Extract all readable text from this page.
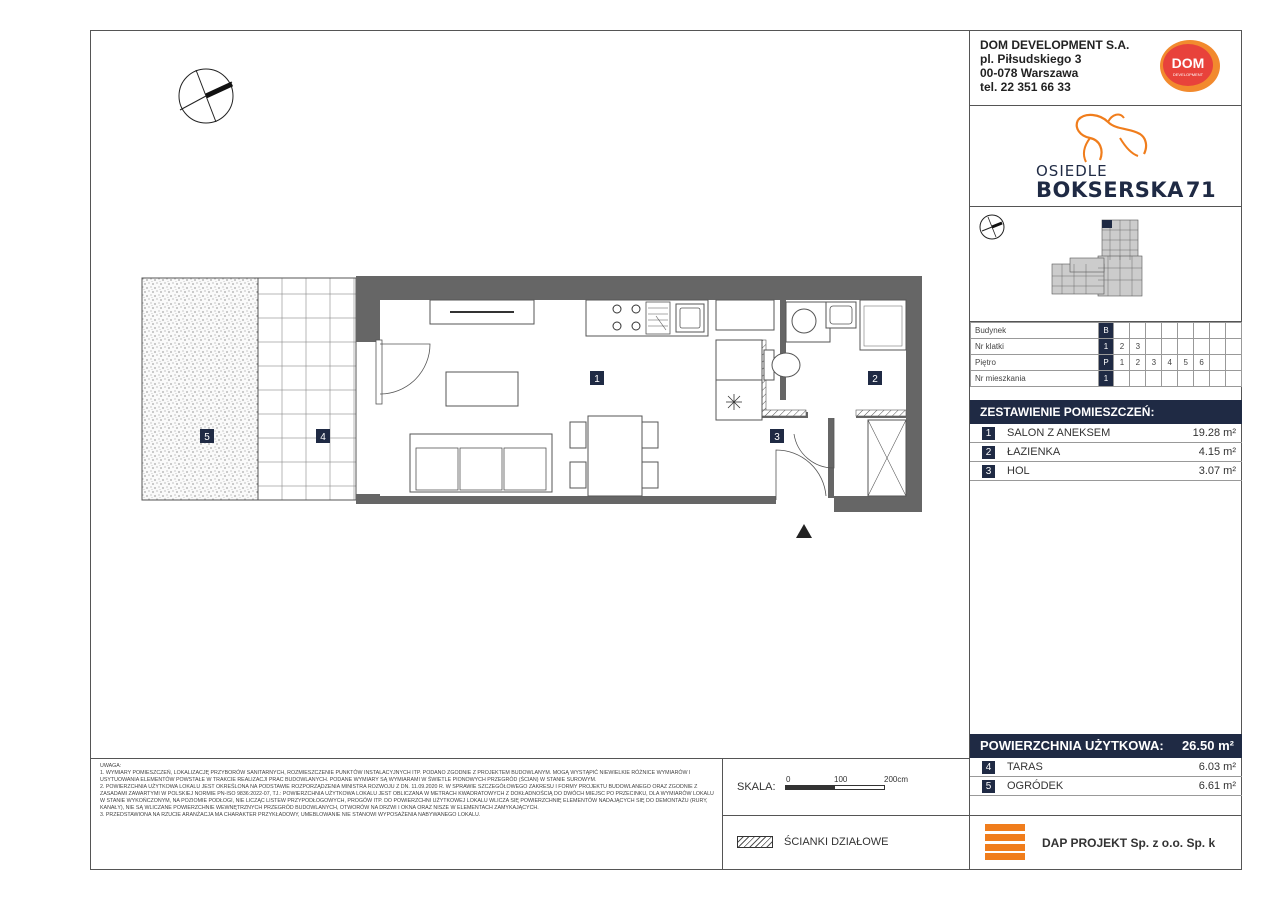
DOM DEVELOPMENT S.A.
pl. Piłsudskiego 3
00-078 Warszawa
tel. 22 351 66 33
DOM
DEVELOPMENT
OSIEDLE
BOKSERSKA71
Budynek	B								
Nr klatki	1	2	3						
Piętro	P	1	2	3	4	5	6		
Nr mieszkania	1								
ZESTAWIENIE POMIESZCZEŃ:
1	SALON Z ANEKSEM	19.28 m²
2	ŁAZIENKA	4.15 m²
3	HOL	3.07 m²
POWIERZCHNIA UŻYTKOWA: 26.50 m²
4	TARAS	6.03 m²
5	OGRÓDEK	6.61 m²

UWAGA:

1. WYMIARY POMIESZCZEŃ, LOKALIZACJĘ PRZYBORÓW SANITARNYCH, ROZMIESZCZENIE PUNKTÓW INSTALACYJNYCH ITP. PODANO ZGODNIE Z PROJEKTEM BUDOWLANYM. MOGĄ WYSTĄPIĆ NIEWIELKIE RÓŻNICE WYMIARÓW I USYTUOWANIA ELEMENTÓW POWSTAŁE W TRAKCIE REALIZACJI PRAC BUDOWLANYCH. PODANE WYMIARY SĄ WYMIARAMI W ŚWIETLE PIONOWYCH PRZEGRÓD (ŚCIAN) W STANIE SUROWYM.

2. POWIERZCHNIA UŻYTKOWA LOKALU JEST OKREŚLONA NA PODSTAWIE ROZPORZĄDZENIA MINISTRA ROZWOJU Z DN. 11.09.2020 R. W SPRAWIE SZCZEGÓŁOWEGO ZAKRESU I FORMY PROJEKTU BUDOWLANEGO ORAZ ZGODNIE Z ZASADAMI ZAWARTYMI W POLSKIEJ NORMIE PN-ISO 9836:2022-07, TJ.: POWIERZCHNIA UŻYTKOWA LOKALU JEST OBLICZANA W METRACH KWADRATOWYCH Z DOKŁADNOŚCIĄ DO DWÓCH MIEJSC PO PRZECINKU, DLA WYMIARÓW LOKALU W STANIE WYKOŃCZONYM, NA POZIOMIE PODŁOGI, NIE LICZĄC LISTEW PRZYPODŁOGOWYCH, PROGÓW ITP. DO POWIERZCHNI UŻYTKOWEJ LOKALU WLICZA SIĘ POWIERZCHNIĘ ELEMENTÓW NADAJĄCYCH SIĘ DO DEMONTAŻU (RURY, KANAŁY), NIE SĄ WLICZANE POWIERZCHNIE WEWNĘTRZNYCH PRZEGRÓD BUDOWLANYCH, OTWORÓW NA DRZWI I OKNA ORAZ NISZE W ELEMENTACH ZAMYKAJĄCYCH.

3. PRZEDSTAWIONA NA RZUCIE ARANŻACJA MA CHARAKTER PRZYKŁADOWY, UMEBLOWANIE NIE STANOWI WYPOSAŻENIA NABYWANEGO LOKALU.

SKALA:
0	100	200cm
ŚCIANKI DZIAŁOWE	DAP PROJEKT Sp. z o.o. Sp. k
1	2
3
4
5
